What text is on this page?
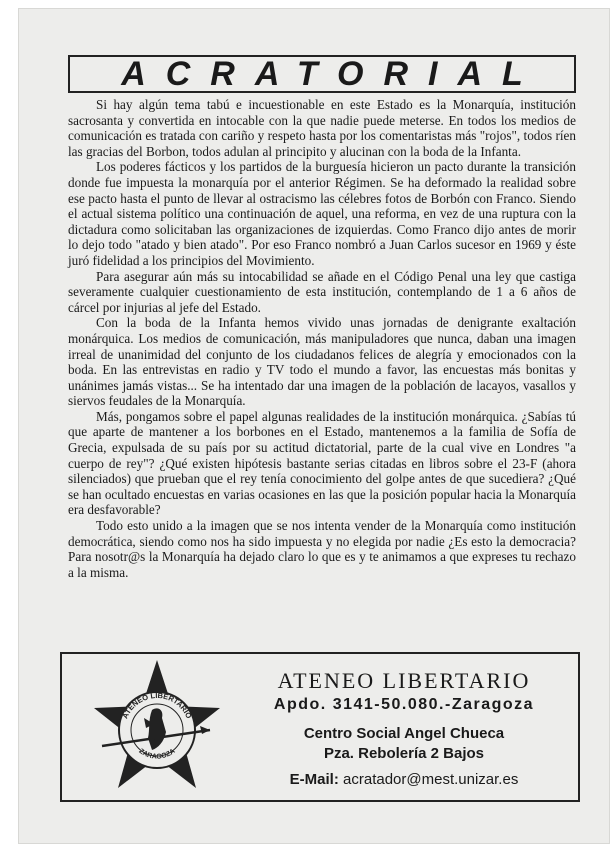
ACRATORIAL

Si hay algún tema tabú e incuestionable en este Estado es la Monarquía, institución sacrosanta y convertida en intocable con la que nadie puede meterse. En todos los medios de comunicación es tratada con cariño y respeto hasta por los comentaristas más "rojos", todos ríen las gracias del Borbon, todos adulan al principito y alucinan con la boda de la Infanta.

Los poderes fácticos y los partidos de la burguesía hicieron un pacto durante la transición donde fue impuesta la monarquía por el anterior Régimen. Se ha deformado la realidad sobre ese pacto hasta el punto de llevar al ostracismo las célebres fotos de Borbón con Franco. Siendo el actual sistema político una continuación de aquel, una reforma, en vez de una ruptura con la dictadura como solicitaban las organizaciones de izquierdas. Como Franco dijo antes de morir lo dejo todo "atado y bien atado". Por eso Franco nombró a Juan Carlos sucesor en 1969 y éste juró fidelidad a los principios del Movimiento.

Para asegurar aún más su intocabilidad se añade en el Código Penal una ley que castiga severamente cualquier cuestionamiento de esta institución, contemplando de 1 a 6 años de cárcel por injurias al jefe del Estado.

Con la boda de la Infanta hemos vivido unas jornadas de denigrante exaltación monárquica. Los medios de comunicación, más manipuladores que nunca, daban una imagen irreal de unanimidad del conjunto de los ciudadanos felices de alegría y emocionados con la boda. En las entrevistas en radio y TV todo el mundo a favor, las encuestas más bonitas y unánimes jamás vistas... Se ha intentado dar una imagen de la población de lacayos, vasallos y siervos feudales de la Monarquía.

Más, pongamos sobre el papel algunas realidades de la institución monárquica. ¿Sabías tú que aparte de mantener a los borbones en el Estado, mantenemos a la familia de Sofía de Grecia, expulsada de su país por su actitud dictatorial, parte de la cual vive en Londres "a cuerpo de rey"? ¿Qué existen hipótesis bastante serias citadas en libros sobre el 23-F (ahora silenciados) que prueban que el rey tenía conocimiento del golpe antes de que sucediera? ¿Qué se han ocultado encuestas en varias ocasiones en las que la posición popular hacia la Monarquía era desfavorable?

Todo esto unido a la imagen que se nos intenta vender de la Monarquía como institución democrática, siendo como nos ha sido impuesta y no elegida por nadie ¿Es esto la democracia? Para nosotr@s la Monarquía ha dejado claro lo que es y te animamos a que expreses tu rechazo a la misma.

ATENEO LIBERTARIO
ZARAGOZA
ATENEO LIBERTARIO
Apdo. 3141-50.080.-Zaragoza
Centro Social Angel Chueca
Pza. Rebolería 2 Bajos
E-Mail: acratador@mest.unizar.es
